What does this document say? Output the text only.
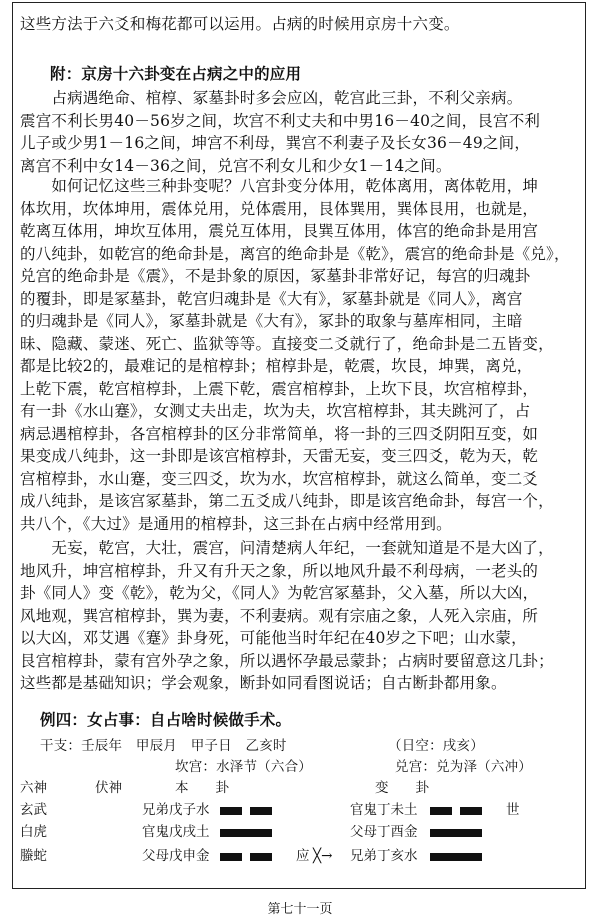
这些方法于六爻和梅花都可以运用。占病的时候用京房十六变。
附：京房十六卦变在占病之中的应用
　　占病遇绝命、棺椁、冢墓卦时多会应凶，乾宫此三卦，不利父亲病。
震宫不利长男40－56岁之间，坎宫不利丈夫和中男16－40之间，艮宫不利
儿子或少男1－16之间，坤宫不利母，巽宫不利妻子及长女36－49之间，
离宫不利中女14－36之间，兑宫不利女儿和少女1－14之间。
　　如何记忆这些三种卦变呢？八宫卦变分体用，乾体离用，离体乾用，坤
体坎用，坎体坤用，震体兑用，兑体震用，艮体巽用，巽体艮用，也就是，
乾离互体用，坤坎互体用，震兑互体用，艮巽互体用，体宫的绝命卦是用宫
的八纯卦，如乾宫的绝命卦是，离宫的绝命卦是《乾》，震宫的绝命卦是《兑》，
兑宫的绝命卦是《震》，不是卦象的原因，冢墓卦非常好记，每宫的归魂卦
的覆卦，即是冢墓卦，乾宫归魂卦是《大有》，冢墓卦就是《同人》，离宫
的归魂卦是《同人》，冢墓卦就是《大有》，冢卦的取象与墓库相同，主暗
昧、隐藏、蒙迷、死亡、监狱等等。直接变二爻就行了，绝命卦是二五皆变，
都是比较2的，最难记的是棺椁卦；棺椁卦是，乾震，坎艮，坤巽，离兑，
上乾下震，乾宫棺椁卦，上震下乾，震宫棺椁卦，上坎下艮，坎宫棺椁卦，
有一卦《水山蹇》，女测丈夫出走，坎为夫，坎宫棺椁卦，其夫跳河了，占
病忌遇棺椁卦，各宫棺椁卦的区分非常简单，将一卦的三四爻阴阳互变，如
果变成八纯卦，这一卦即是该宫棺椁卦，天雷无妄，变三四爻，乾为天，乾
宫棺椁卦，水山蹇，变三四爻，坎为水，坎宫棺椁卦，就这么简单，变二爻
成八纯卦，是该宫冢墓卦，第二五爻成八纯卦，即是该宫绝命卦，每宫一个，
共八个，《大过》是通用的棺椁卦，这三卦在占病中经常用到。
　　无妄，乾宫，大壮，震宫，问清楚病人年纪，一套就知道是不是大凶了，
地风升，坤宫棺椁卦，升又有升天之象，所以地风升最不利母病，一老头的
卦《同人》变《乾》，乾为父，《同人》为乾宫冢墓卦，父入墓，所以大凶，
风地观，巽宫棺椁卦，巽为妻，不利妻病。观有宗庙之象，人死入宗庙，所
以大凶，邓艾遇《蹇》卦身死，可能他当时年纪在40岁之下吧；山水蒙，
艮宫棺椁卦，蒙有宫外孕之象，所以遇怀孕最忌蒙卦；占病时要留意这几卦；
这些都是基础知识；学会观象，断卦如同看图说话；自古断卦都用象。
例四：女占事：自占啥时候做手术。
干支：壬辰年　甲辰月　甲子日　乙亥时	（日空：戌亥）
坎宫：水泽节（六合）	兑宫：兑为泽（六冲）
六神	伏神	本　　卦	变　　卦
玄武	兄弟戊子水	官鬼丁未土	世
白虎	官鬼戊戌土	父母丁酉金
螣蛇	父母戊申金	应 ╳→ 兄弟丁亥水
第七十一页
